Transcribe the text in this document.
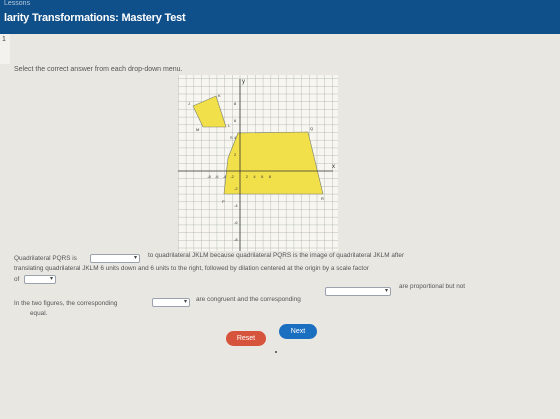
Lessons
larity Transformations: Mastery Test
1
Select the correct answer from each drop-down menu.
y
x
J
K
L
M
P
Q
R
S
-8 -6 -4 -2	2 4 6 8
8
6
4
2
-2
-4
-6
-8
Quadrilateral PQRS is	▾ to quadrilateral JKLM because quadrilateral PQRS is the image of quadrilateral JKLM after
translating quadrilateral JKLM 6 units down and 6 units to the right, followed by dilation centered at the origin by a scale factor
of	▾
In the two figures, the corresponding	▾ are congruent and the corresponding
▾
are proportional but not
equal.
Reset
Next
